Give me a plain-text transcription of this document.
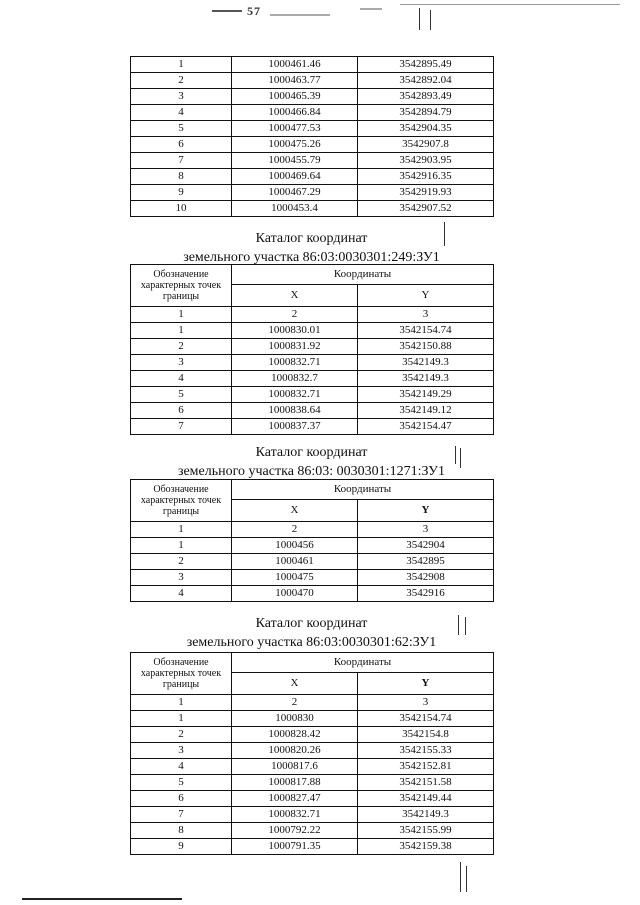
57
1	1000461.46	3542895.49
2	1000463.77	3542892.04
3	1000465.39	3542893.49
4	1000466.84	3542894.79
5	1000477.53	3542904.35
6	1000475.26	3542907.8
7	1000455.79	3542903.95
8	1000469.64	3542916.35
9	1000467.29	3542919.93
10	1000453.4	3542907.52
Каталог координат
земельного участка 86:03:0030301:249:ЗУ1
Обозначение характерных точек границы	Координаты	
	X	Y
1	2	3
1	1000830.01	3542154.74
2	1000831.92	3542150.88
3	1000832.71	3542149.3
4	1000832.7	3542149.3
5	1000832.71	3542149.29
6	1000838.64	3542149.12
7	1000837.37	3542154.47
Каталог координат
земельного участка 86:03: 0030301:1271:ЗУ1
Обозначение характерных точек границы	Координаты	
	X	Y
1	2	3
1	1000456	3542904
2	1000461	3542895
3	1000475	3542908
4	1000470	3542916
Каталог координат
земельного участка 86:03:0030301:62:ЗУ1
Обозначение характерных точек границы	Координаты	
	X	Y
1	2	3
1	1000830	3542154.74
2	1000828.42	3542154.8
3	1000820.26	3542155.33
4	1000817.6	3542152.81
5	1000817.88	3542151.58
6	1000827.47	3542149.44
7	1000832.71	3542149.3
8	1000792.22	3542155.99
9	1000791.35	3542159.38
